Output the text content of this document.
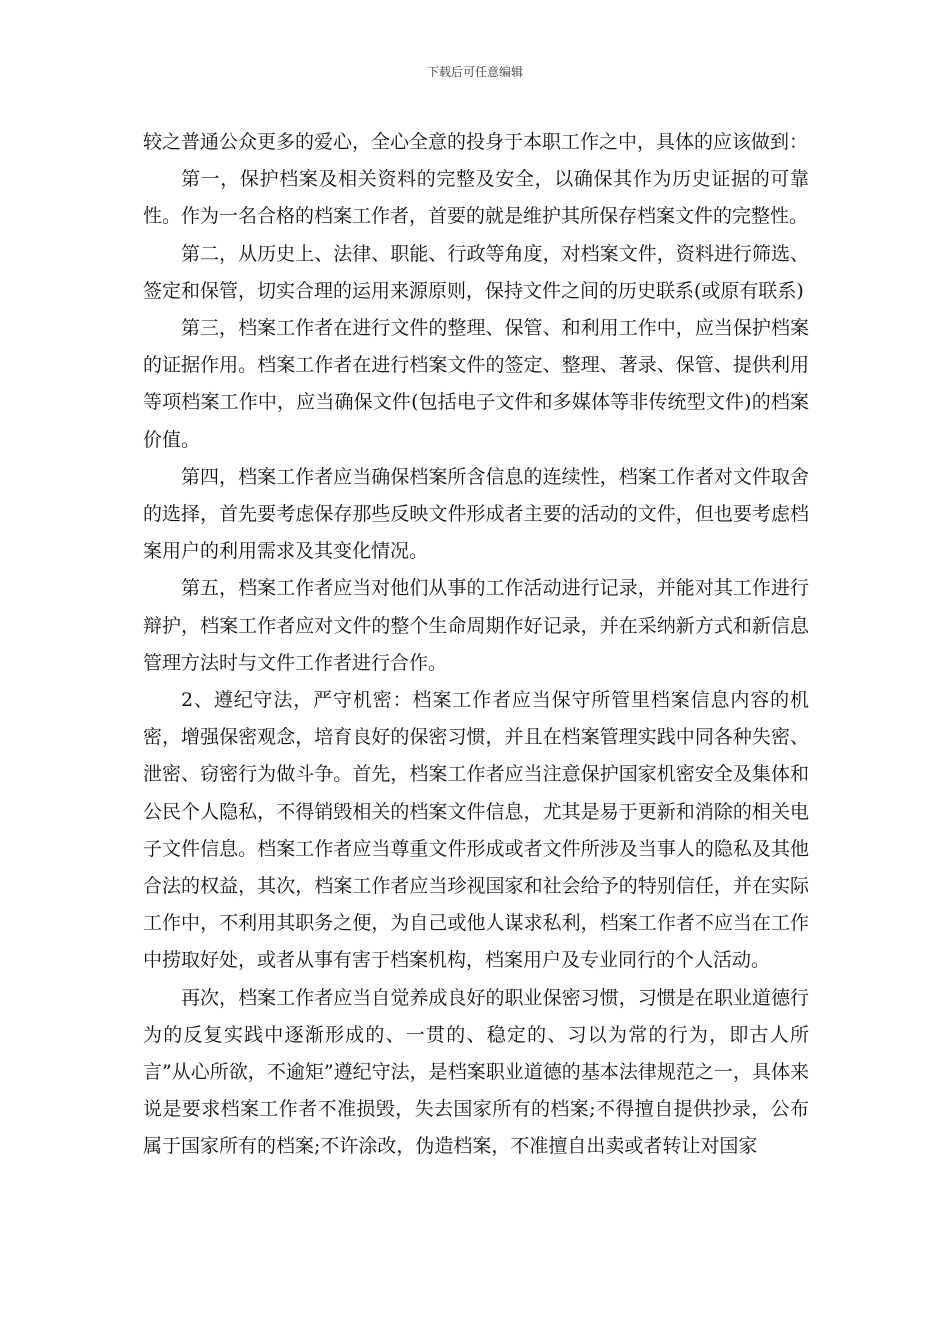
下载后可任意编辑

较之普通公众更多的爱心，全心全意的投身于本职工作之中，具体的应该做到：

第一，保护档案及相关资料的完整及安全，以确保其作为历史证据的可靠性。作为一名合格的档案工作者，首要的就是维护其所保存档案文件的完整性。

第二，从历史上、法律、职能、行政等角度，对档案文件，资料进行筛选、签定和保管，切实合理的运用来源原则，保持文件之间的历史联系(或原有联系)

第三，档案工作者在进行文件的整理、保管、和利用工作中，应当保护档案的证据作用。档案工作者在进行档案文件的签定、整理、著录、保管、提供利用等项档案工作中，应当确保文件(包括电子文件和多媒体等非传统型文件)的档案价值。

第四，档案工作者应当确保档案所含信息的连续性，档案工作者对文件取舍的选择，首先要考虑保存那些反映文件形成者主要的活动的文件，但也要考虑档案用户的利用需求及其变化情况。

第五，档案工作者应当对他们从事的工作活动进行记录，并能对其工作进行辩护，档案工作者应对文件的整个生命周期作好记录，并在采纳新方式和新信息管理方法时与文件工作者进行合作。

2、遵纪守法，严守机密：档案工作者应当保守所管里档案信息内容的机密，增强保密观念，培育良好的保密习惯，并且在档案管理实践中同各种失密、泄密、窃密行为做斗争。首先，档案工作者应当注意保护国家机密安全及集体和公民个人隐私，不得销毁相关的档案文件信息，尤其是易于更新和消除的相关电子文件信息。档案工作者应当尊重文件形成或者文件所涉及当事人的隐私及其他合法的权益，其次，档案工作者应当珍视国家和社会给予的特别信任，并在实际工作中，不利用其职务之便，为自己或他人谋求私利，档案工作者不应当在工作中捞取好处，或者从事有害于档案机构，档案用户及专业同行的个人活动。

再次，档案工作者应当自觉养成良好的职业保密习惯，习惯是在职业道德行为的反复实践中逐渐形成的、一贯的、稳定的、习以为常的行为，即古人所言”从心所欲，不逾矩”遵纪守法，是档案职业道德的基本法律规范之一，具体来说是要求档案工作者不准损毁，失去国家所有的档案;不得擅自提供抄录，公布属于国家所有的档案;不许涂改，伪造档案，不准擅自出卖或者转让对国家
